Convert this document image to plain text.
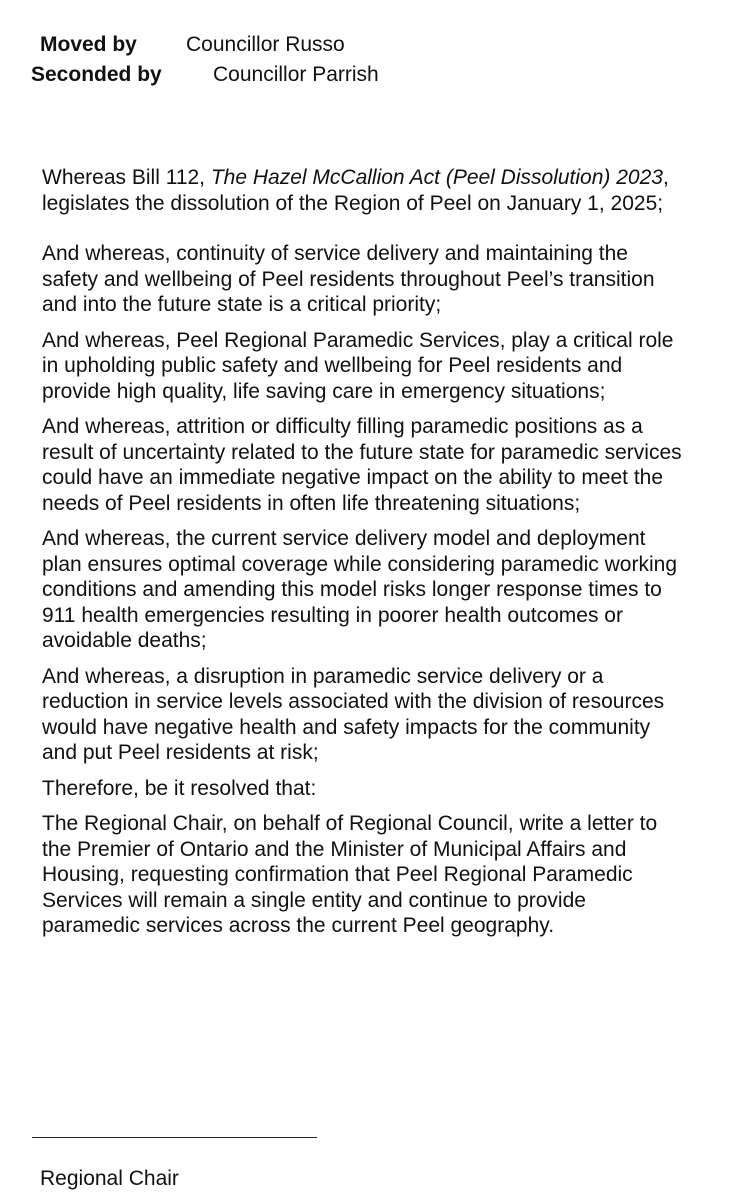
Moved by Councillor Russo
Seconded by Councillor Parrish

Whereas Bill 112, The Hazel McCallion Act (Peel Dissolution) 2023, legislates the dissolution of the Region of Peel on January 1, 2025;

And whereas, continuity of service delivery and maintaining the safety and wellbeing of Peel residents throughout Peel’s transition and into the future state is a critical priority;

And whereas, Peel Regional Paramedic Services, play a critical role in upholding public safety and wellbeing for Peel residents and provide high quality, life saving care in emergency situations;

And whereas, attrition or difficulty filling paramedic positions as a result of uncertainty related to the future state for paramedic services could have an immediate negative impact on the ability to meet the needs of Peel residents in often life threatening situations;

And whereas, the current service delivery model and deployment plan ensures optimal coverage while considering paramedic working conditions and amending this model risks longer response times to 911 health emergencies resulting in poorer health outcomes or avoidable deaths;

And whereas, a disruption in paramedic service delivery or a reduction in service levels associated with the division of resources would have negative health and safety impacts for the community and put Peel residents at risk;

Therefore, be it resolved that:

The Regional Chair, on behalf of Regional Council, write a letter to the Premier of Ontario and the Minister of Municipal Affairs and Housing, requesting confirmation that Peel Regional Paramedic Services will remain a single entity and continue to provide paramedic services across the current Peel geography.

Regional Chair
